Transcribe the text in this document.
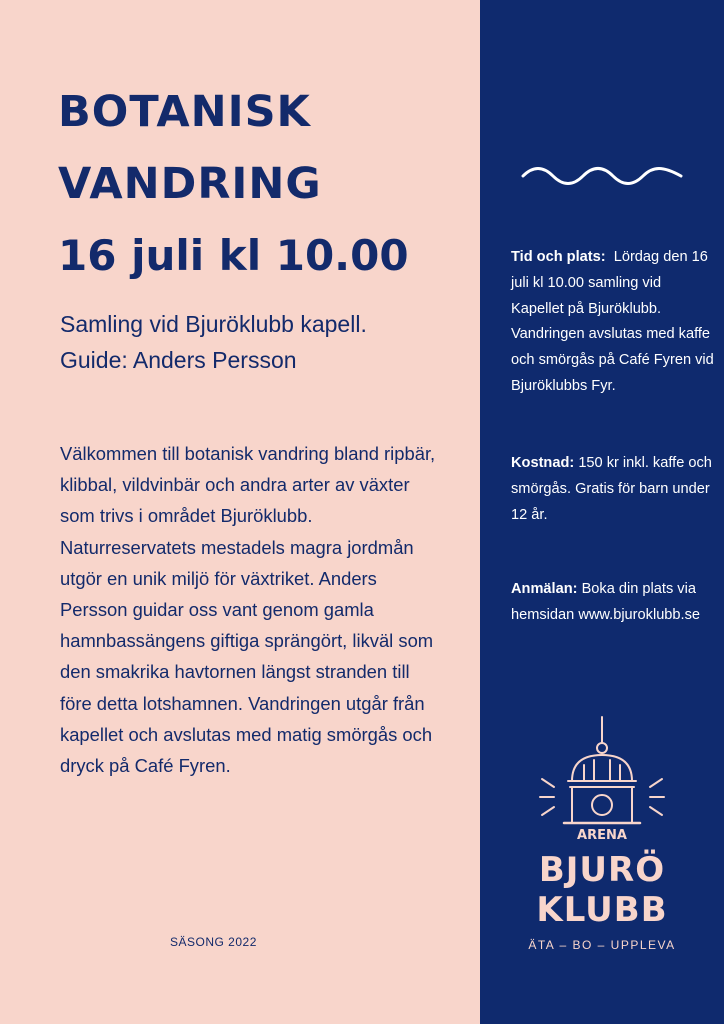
BOTANISK
VANDRING
16 juli kl 10.00
Samling vid Bjuröklubb kapell.
Guide: Anders Persson

Välkommen till botanisk vandring bland ripbär, klibbal, vildvinbär och andra arter av växter som trivs i området Bjuröklubb. Naturreservatets mestadels magra jordmån utgör en unik miljö för växtriket. Anders Persson guidar oss vant genom gamla hamnbassängens giftiga sprängört, likväl som den smakrika havtornen längst stranden till före detta lotshamnen. Vandringen utgår från kapellet och avslutas med matig smörgås och dryck på Café Fyren.

SÄSONG 2022
Tid och plats: Lördag den 16 juli kl 10.00 samling vid Kapellet på Bjuröklubb. Vandringen avslutas med kaffe och smörgås på Café Fyren vid Bjuröklubbs Fyr.
Kostnad: 150 kr inkl. kaffe och smörgås. Gratis för barn under 12 år.
Anmälan: Boka din plats via hemsidan www.bjuroklubb.se
ARENA
BJURÖ
KLUBB
ÄTA – BO – UPPLEVA
